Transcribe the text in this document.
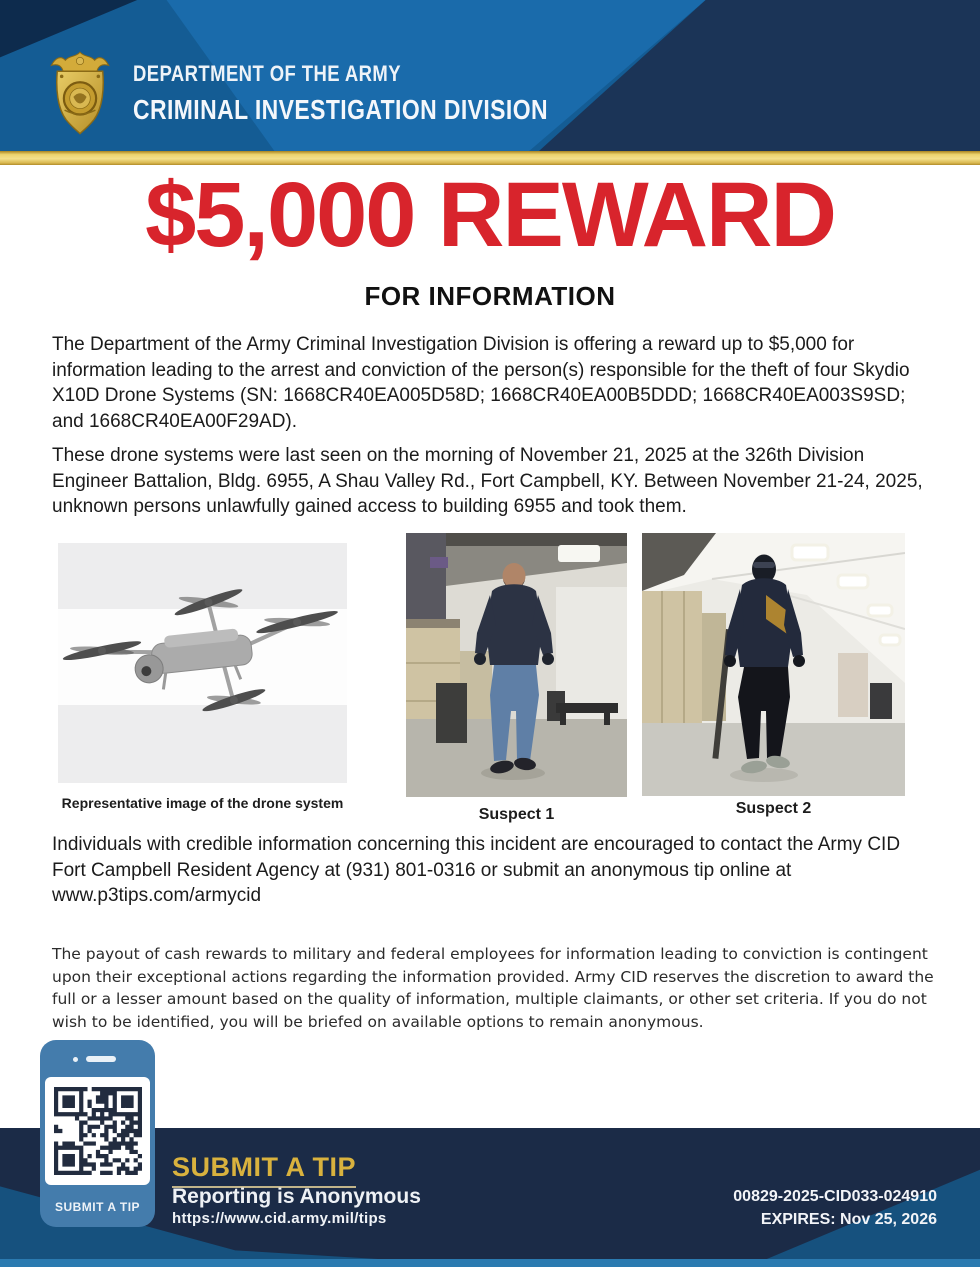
DEPARTMENT OF THE ARMY
CRIMINAL INVESTIGATION DIVISION
$5,000 REWARD
FOR INFORMATION

The Department of the Army Criminal Investigation Division is offering a reward up to $5,000 for information leading to the arrest and conviction of the person(s) responsible for the theft of four Skydio X10D Drone Systems (SN: 1668CR40EA005D58D; 1668CR40EA00B5DDD; 1668CR40EA003S9SD; and 1668CR40EA00F29AD).

These drone systems were last seen on the morning of November 21, 2025 at the 326th Division Engineer Battalion, Bldg. 6955, A Shau Valley Rd., Fort Campbell, KY. Between November 21-24, 2025, unknown persons unlawfully gained access to building 6955 and took them.

Representative image of the drone system
Suspect 1	Suspect 2

Individuals with credible information concerning this incident are encouraged to contact the Army CID Fort Campbell Resident Agency at (931) 801-0316 or submit an anonymous tip online at www.p3tips.com/armycid

The payout of cash rewards to military and federal employees for information leading to conviction is contingent upon their exceptional actions regarding the information provided. Army CID reserves the discretion to award the full or a lesser amount based on the quality of information, multiple claimants, or other set criteria. If you do not wish to be identified, you will be briefed on available options to remain anonymous.

SUBMIT A TIP
SUBMIT A TIP
Reporting is Anonymous
https://www.cid.army.mil/tips
00829-2025-CID033-024910
EXPIRES: Nov 25, 2026
